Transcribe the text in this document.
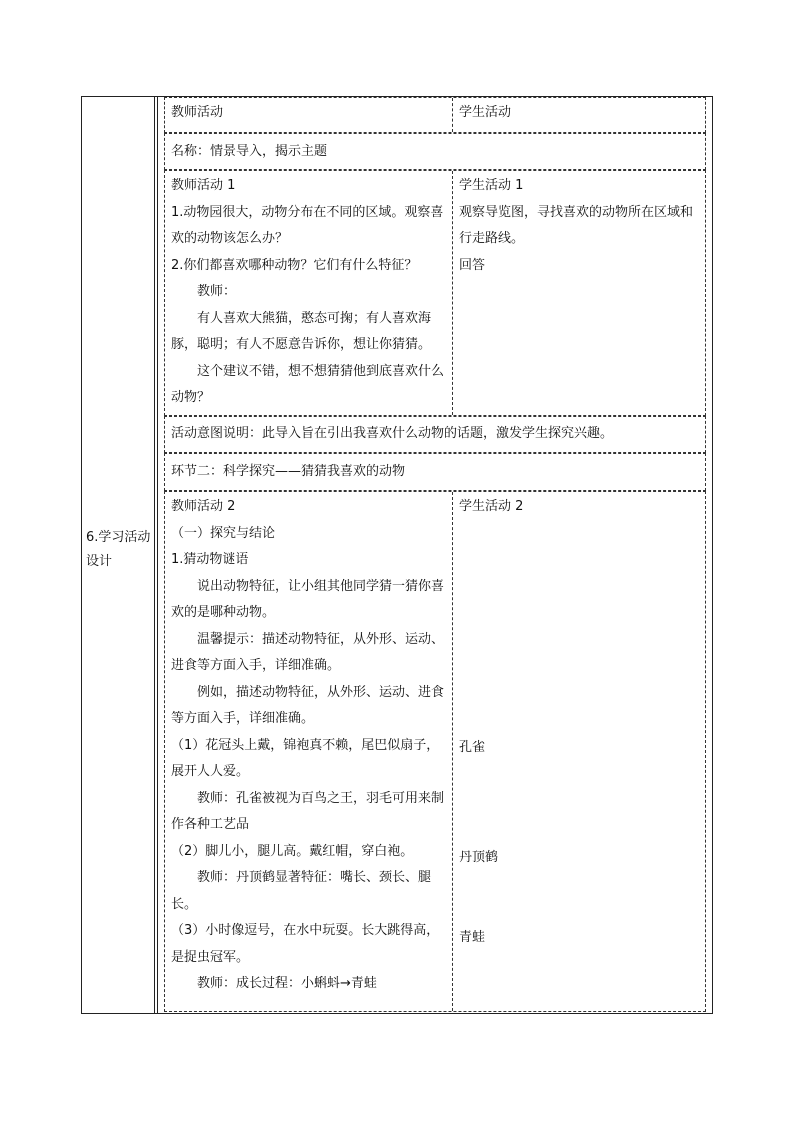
6.学习活动设计
教师活动	学生活动
名称：情景导入，揭示主题

教师活动 1

1.动物园很大，动物分布在不同的区域。观察喜欢的动物该怎么办？

2.你们都喜欢哪种动物？它们有什么特征？

教师：

有人喜欢大熊猫，憨态可掬；有人喜欢海豚，聪明；有人不愿意告诉你，想让你猜猜。

这个建议不错，想不想猜猜他到底喜欢什么动物？

学生活动 1

观察导览图，寻找喜欢的动物所在区域和行走路线。

回答

活动意图说明：此导入旨在引出我喜欢什么动物的话题，激发学生探究兴趣。
环节二：科学探究——猜猜我喜欢的动物

教师活动 2

（一）探究与结论

1.猜动物谜语

说出动物特征，让小组其他同学猜一猜你喜欢的是哪种动物。

温馨提示：描述动物特征，从外形、运动、进食等方面入手，详细准确。

例如，描述动物特征，从外形、运动、进食等方面入手，详细准确。

（1）花冠头上戴，锦袍真不赖，尾巴似扇子，展开人人爱。

教师：孔雀被视为百鸟之王，羽毛可用来制作各种工艺品

（2）脚儿小，腿儿高。戴红帽，穿白袍。

教师：丹顶鹤显著特征：嘴长、颈长、腿长。

（3）小时像逗号，在水中玩耍。长大跳得高，是捉虫冠军。

教师：成长过程：小蝌蚪→青蛙

学生活动 2

孔雀

丹顶鹤

青蛙
